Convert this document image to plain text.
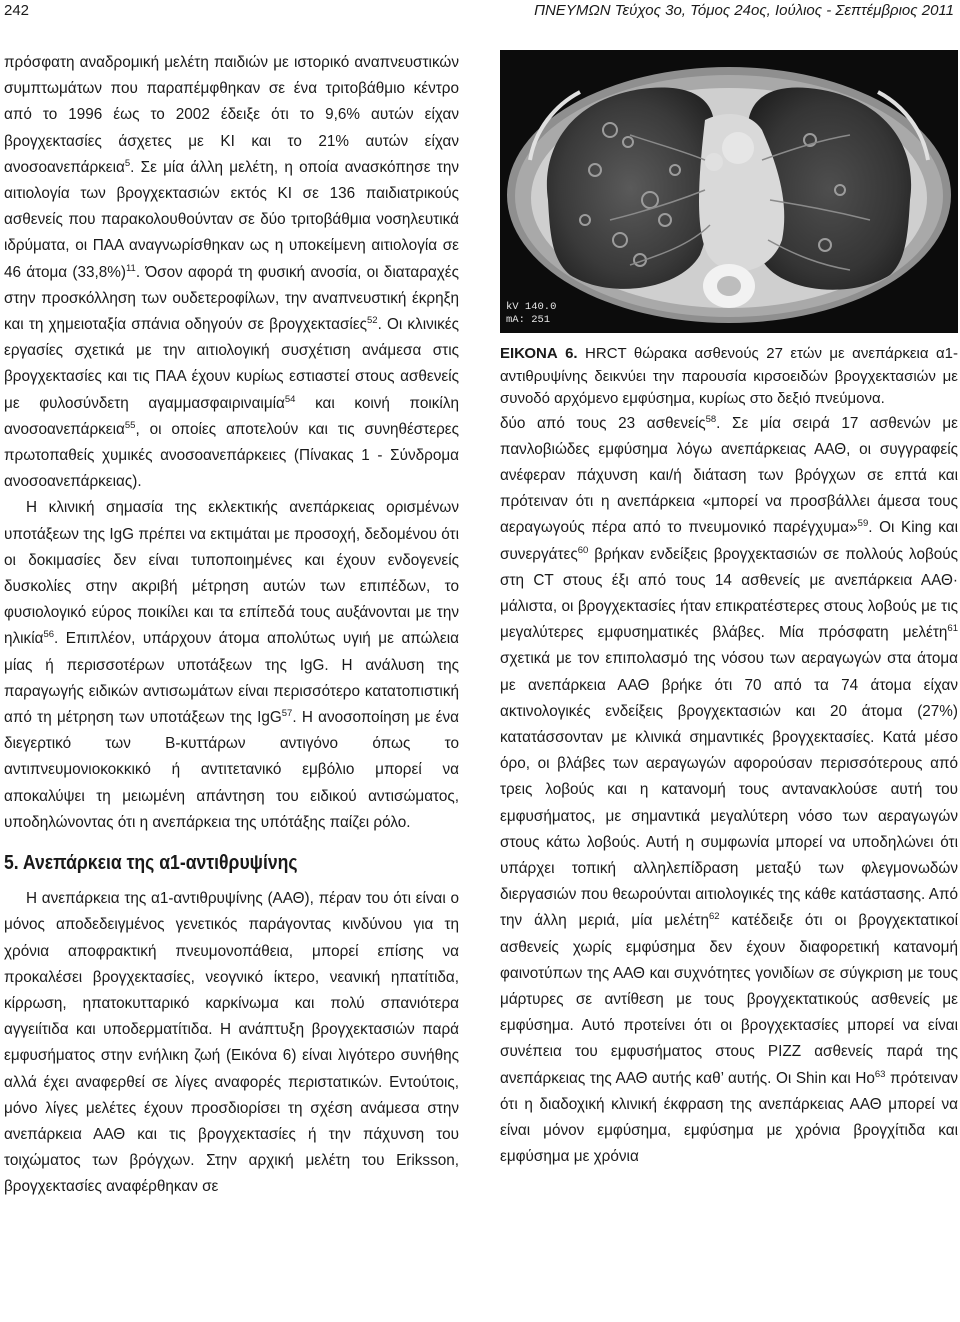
242	ΠΝΕΥΜΩΝ Τεύχος 3ο, Τόμος 24ος, Ιούλιος - Σεπτέμβριος 2011

πρόσφατη αναδρομική μελέτη παιδιών με ιστορικό αναπνευστικών συμπτωμάτων που παραπέμφθηκαν σε ένα τριτοβάθμιο κέντρο από το 1996 έως το 2002 έδειξε ότι το 9,6% αυτών είχαν βρογχεκτασίες άσχετες με ΚΙ και το 21% αυτών είχαν ανοσοανεπάρκεια$^5$. Σε μία άλλη μελέτη, η οποία ανασκόπησε την αιτιολογία των βρογχεκτασιών εκτός ΚΙ σε 136 παιδιατρικούς ασθενείς που παρακολουθούνταν σε δύο τριτοβάθμια νοσηλευτικά ιδρύματα, οι ΠΑΑ αναγνωρίσθηκαν ως η υποκείμενη αιτιολογία σε 46 άτομα $(33,8\%)^{11}$. Όσον αφορά τη φυσική ανοσία, οι διαταραχές στην προσκόλληση των ουδετεροφίλων, την αναπνευστική έκρηξη και τη χημειοταξία σπάνια οδηγούν σε βρογχεκτασίες$^{52}$. Οι κλινικές εργασίες σχετικά με την αιτιολογική συσχέτιση ανάμεσα στις βρογχεκτασίες και τις ΠΑΑ έχουν κυρίως εστιαστεί στους ασθενείς με φυλοσύνδετη αγαμμασφαιριναιμία$^{54}$ και κοινή ποικίλη ανοσοανεπάρκεια$^{55}$, οι οποίες αποτελούν και τις συνηθέστερες πρωτοπαθείς χυμικές ανοσοανεπάρκειες (Πίνακας 1 - Σύνδρομα ανοσοανεπάρκειας).

Η κλινική σημασία της εκλεκτικής ανεπάρκειας ορισμένων υποτάξεων της IgG πρέπει να εκτιμάται με προσοχή, δεδομένου ότι οι δοκιμασίες δεν είναι τυποποιημένες και έχουν ενδογενείς δυσκολίες στην ακριβή μέτρηση αυτών των επιπέδων, το φυσιολογικό εύρος ποικίλει και τα επίπεδά τους αυξάνονται με την ηλικία$^{56}$. Επιπλέον, υπάρχουν άτομα απολύτως υγιή με απώλεια μίας ή περισσοτέρων υποτάξεων της IgG. Η ανάλυση της παραγωγής ειδικών αντισωμάτων είναι περισσότερο κατατοπιστική από τη μέτρηση των υποτάξεων της IgG$^{57}$. Η ανοσοποίηση με ένα διεγερτικό των Β-κυττάρων αντιγόνο όπως το αντιπνευμονιοκοκκικό ή αντιτετανικό εμβόλιο μπορεί να αποκαλύψει τη μειωμένη απάντηση του ειδικού αντισώματος, υποδηλώνοντας ότι η ανεπάρκεια της υπότάξης παίζει ρόλο.

5. Ανεπάρκεια της α1-αντιθρυψίνης

Η ανεπάρκεια της α1-αντιθρυψίνης (ΑΑΘ), πέραν του ότι είναι ο μόνος αποδεδειγμένος γενετικός παράγοντας κινδύνου για τη χρόνια αποφρακτική πνευμονοπάθεια, μπορεί επίσης να προκαλέσει βρογχεκτασίες, νεογνικό ίκτερο, νεανική ηπατίτιδα, κίρρωση, ηπατοκυτταρικό καρκίνωμα και πολύ σπανιότερα αγγειίτιδα και υποδερματίτιδα. Η ανάπτυξη βρογχεκτασιών παρά εμφυσήματος στην ενήλικη ζωή (Εικόνα 6) είναι λιγότερο συνήθης αλλά έχει αναφερθεί σε λίγες αναφορές περιστατικών. Εντούτοις, μόνο λίγες μελέτες έχουν προσδιορίσει τη σχέση ανάμεσα στην ανεπάρκεια ΑΑΘ και τις βρογχεκτασίες ή την πάχυνση του τοιχώματος των βρόγχων. Στην αρχική μελέτη του Eriksson, βρογχεκτασίες αναφέρθηκαν σε

kV 140.0
mA: 251
ΕΙΚΟΝΑ 6. HRCT θώρακα ασθενούς 27 ετών με ανεπάρκεια α1-αντιθρυψίνης δεικνύει την παρουσία κιρσοειδών βρογχεκτασιών με συνοδό αρχόμενο εμφύσημα, κυρίως στο δεξιό πνεύμονα.

δύο από τους 23 ασθενείς$^{58}$. Σε μία σειρά 17 ασθενών με πανλοβιώδες εμφύσημα λόγω ανεπάρκειας ΑΑΘ, οι συγγραφείς ανέφεραν πάχυνση και/ή διάταση των βρόγχων σε επτά και πρότειναν ότι η ανεπάρκεια «μπορεί να προσβάλλει άμεσα τους αεραγωγούς πέρα από το πνευμονικό παρέγχυμα»$^{59}$. Οι King και συνεργάτες$^{60}$ βρήκαν ενδείξεις βρογχεκτασιών σε πολλούς λοβούς στη CT στους έξι από τους 14 ασθενείς με ανεπάρκεια ΑΑΘ· μάλιστα, οι βρογχεκτασίες ήταν επικρατέστερες στους λοβούς με τις μεγαλύτερες εμφυσηματικές βλάβες. Μία πρόσφατη μελέτη$^{61}$ σχετικά με τον επιπολασμό της νόσου των αεραγωγών στα άτομα με ανεπάρκεια ΑΑΘ βρήκε ότι 70 από τα 74 άτομα είχαν ακτινολογικές ενδείξεις βρογχεκτασιών και 20 άτομα (27%) κατατάσσονταν με κλινικά σημαντικές βρογχεκτασίες. Κατά μέσο όρο, οι βλάβες των αεραγωγών αφορούσαν περισσότερους από τρεις λοβούς και η κατανομή τους αντανακλούσε αυτή του εμφυσήματος, με σημαντικά μεγαλύτερη νόσο των αεραγωγών στους κάτω λοβούς. Αυτή η συμφωνία μπορεί να υποδηλώνει ότι υπάρχει τοπική αλληλεπίδραση μεταξύ των φλεγμονωδών διεργασιών που θεωρούνται αιτιολογικές της κάθε κατάστασης. Από την άλλη μεριά, μία μελέτη$^{62}$ κατέδειξε ότι οι βρογχεκτατικοί ασθενείς χωρίς εμφύσημα δεν έχουν διαφορετική κατανομή φαινοτύπων της ΑΑΘ και συχνότητες γονιδίων σε σύγκριση με τους μάρτυρες σε αντίθεση με τους βρογχεκτατικούς ασθενείς με εμφύσημα. Αυτό προτείνει ότι οι βρογχεκτασίες μπορεί να είναι συνέπεια του εμφυσήματος στους PIZZ ασθενείς παρά της ανεπάρκειας της ΑΑΘ αυτής καθ’ αυτής. Οι Shin και Ho$^{63}$ πρότειναν ότι η διαδοχική κλινική έκφραση της ανεπάρκειας ΑΑΘ μπορεί να είναι μόνον εμφύσημα, εμφύσημα με χρόνια βρογχίτιδα και εμφύσημα με χρόνια
